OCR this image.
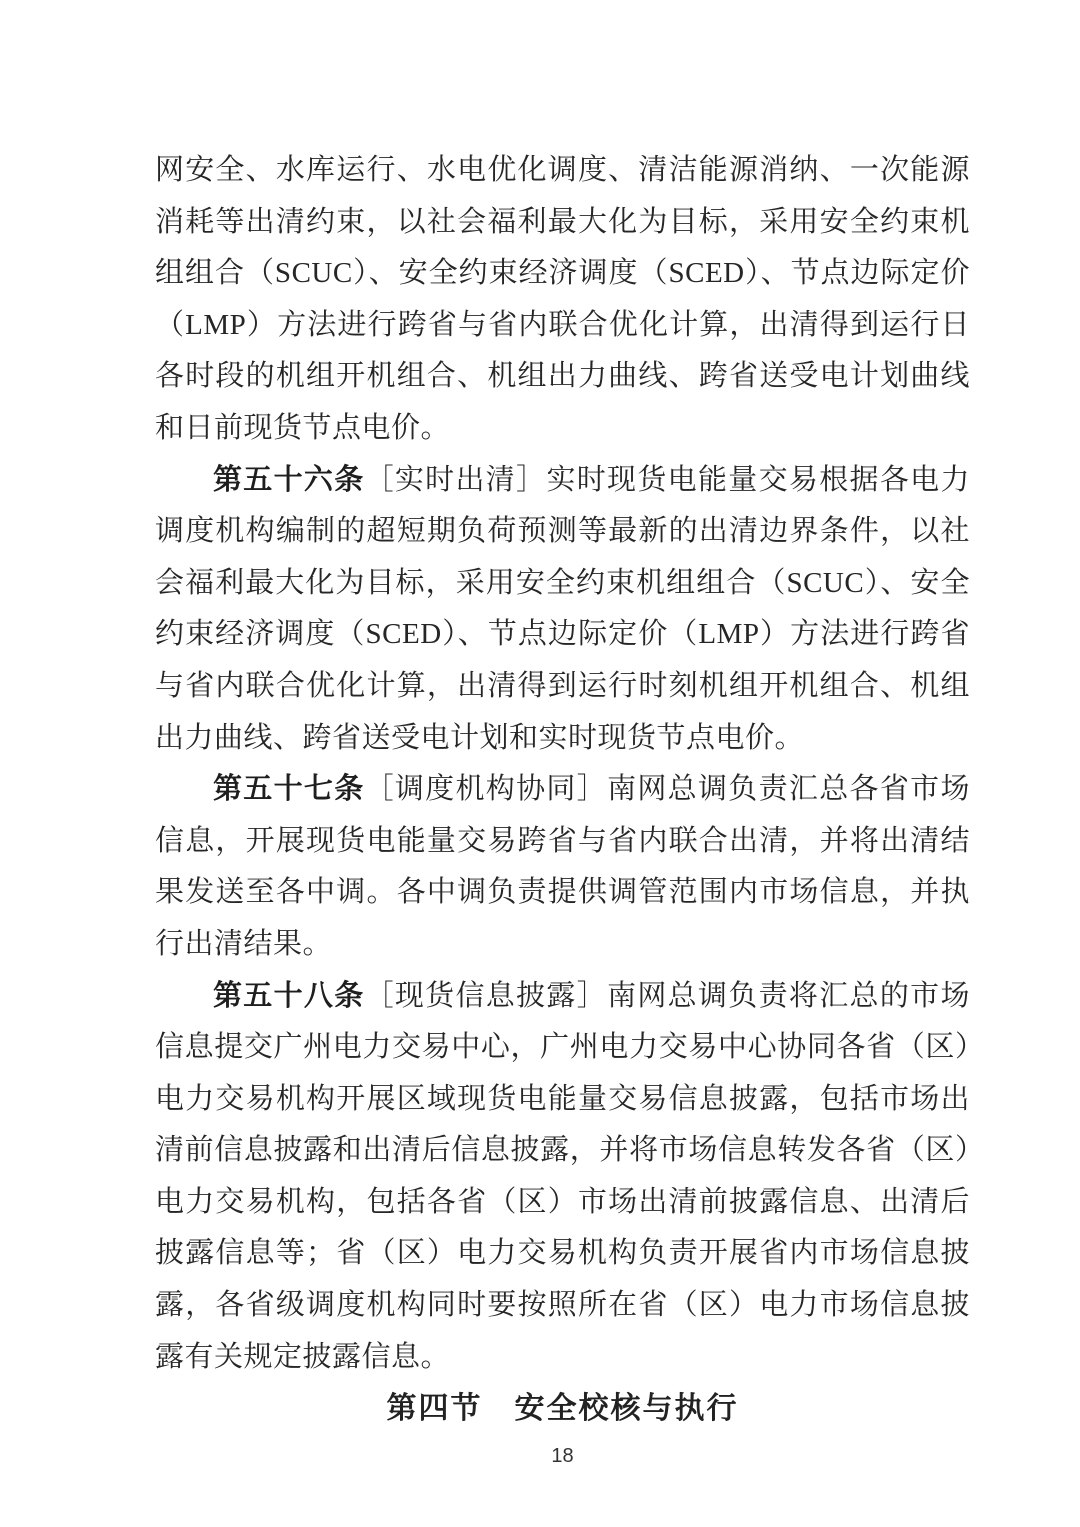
网安全、水库运行、水电优化调度、清洁能源消纳、一次能源消耗等出清约束，以社会福利最大化为目标，采用安全约束机组组合（SCUC）、安全约束经济调度（SCED）、节点边际定价（LMP）方法进行跨省与省内联合优化计算，出清得到运行日各时段的机组开机组合、机组出力曲线、跨省送受电计划曲线和日前现货节点电价。

第五十六条［实时出清］实时现货电能量交易根据各电力调度机构编制的超短期负荷预测等最新的出清边界条件，以社会福利最大化为目标，采用安全约束机组组合（SCUC）、安全约束经济调度（SCED）、节点边际定价（LMP）方法进行跨省与省内联合优化计算，出清得到运行时刻机组开机组合、机组出力曲线、跨省送受电计划和实时现货节点电价。

第五十七条［调度机构协同］南网总调负责汇总各省市场信息，开展现货电能量交易跨省与省内联合出清，并将出清结果发送至各中调。各中调负责提供调管范围内市场信息，并执行出清结果。

第五十八条［现货信息披露］南网总调负责将汇总的市场信息提交广州电力交易中心，广州电力交易中心协同各省（区）电力交易机构开展区域现货电能量交易信息披露，包括市场出清前信息披露和出清后信息披露，并将市场信息转发各省（区）电力交易机构，包括各省（区）市场出清前披露信息、出清后披露信息等；省（区）电力交易机构负责开展省内市场信息披露，各省级调度机构同时要按照所在省（区）电力市场信息披露有关规定披露信息。

第四节　安全校核与执行
18
